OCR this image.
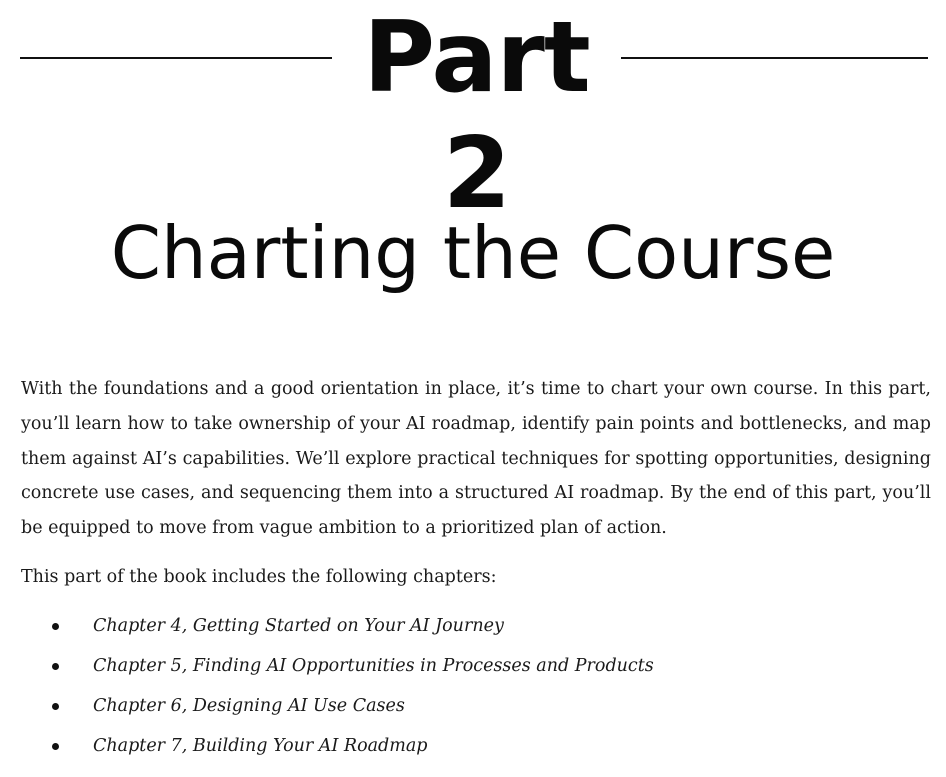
Part 2
Charting the Course

With the foundations and a good orientation in place, it’s time to chart your own course. In this part, you’ll learn how to take ownership of your AI roadmap, identify pain points and bottlenecks, and map them against AI’s capabilities. We’ll explore practical techniques for spotting opportunities, designing concrete use cases, and sequencing them into a structured AI roadmap. By the end of this part, you’ll be equipped to move from vague ambition to a prioritized plan of action.

This part of the book includes the following chapters:

Chapter 4, Getting Started on Your AI Journey
Chapter 5, Finding AI Opportunities in Processes and Products
Chapter 6, Designing AI Use Cases
Chapter 7, Building Your AI Roadmap
